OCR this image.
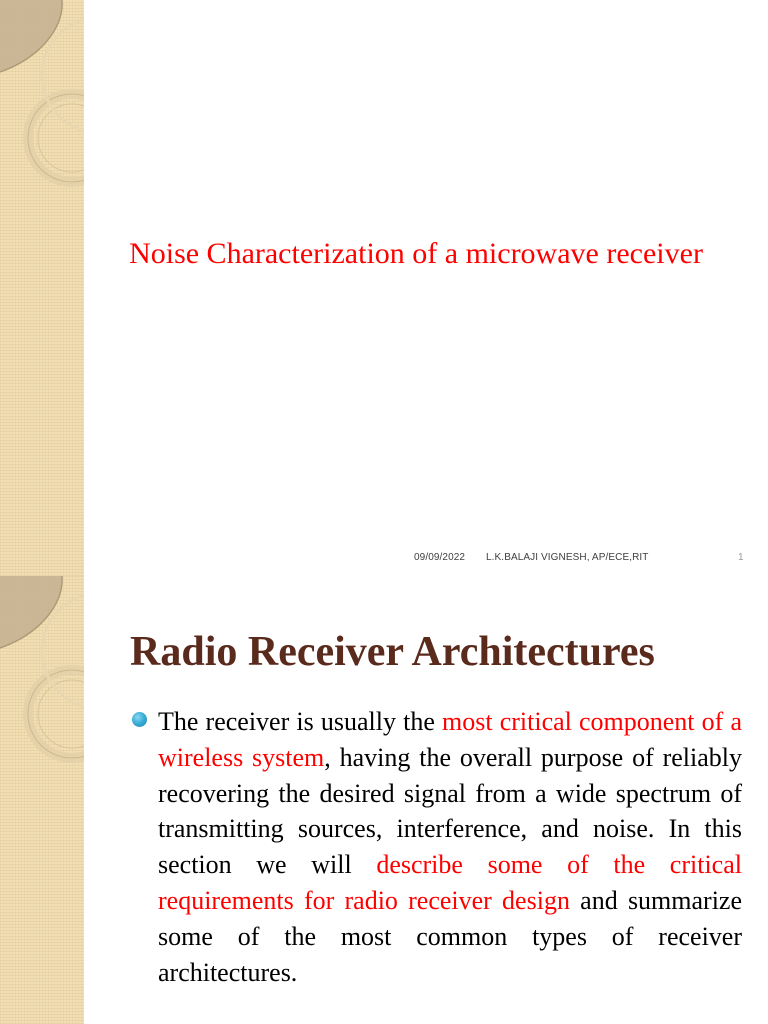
Noise Characterization of a microwave receiver
09/09/2022 L.K.BALAJI VIGNESH, AP/ECE,RIT	1
Radio Receiver Architectures

The receiver is usually the most critical component of a wireless system, having the overall purpose of reliably recovering the desired signal from a wide spectrum of transmitting sources, interference, and noise. In this section we will describe some of the critical requirements for radio receiver design and summarize some of the most common types of receiver architectures.
